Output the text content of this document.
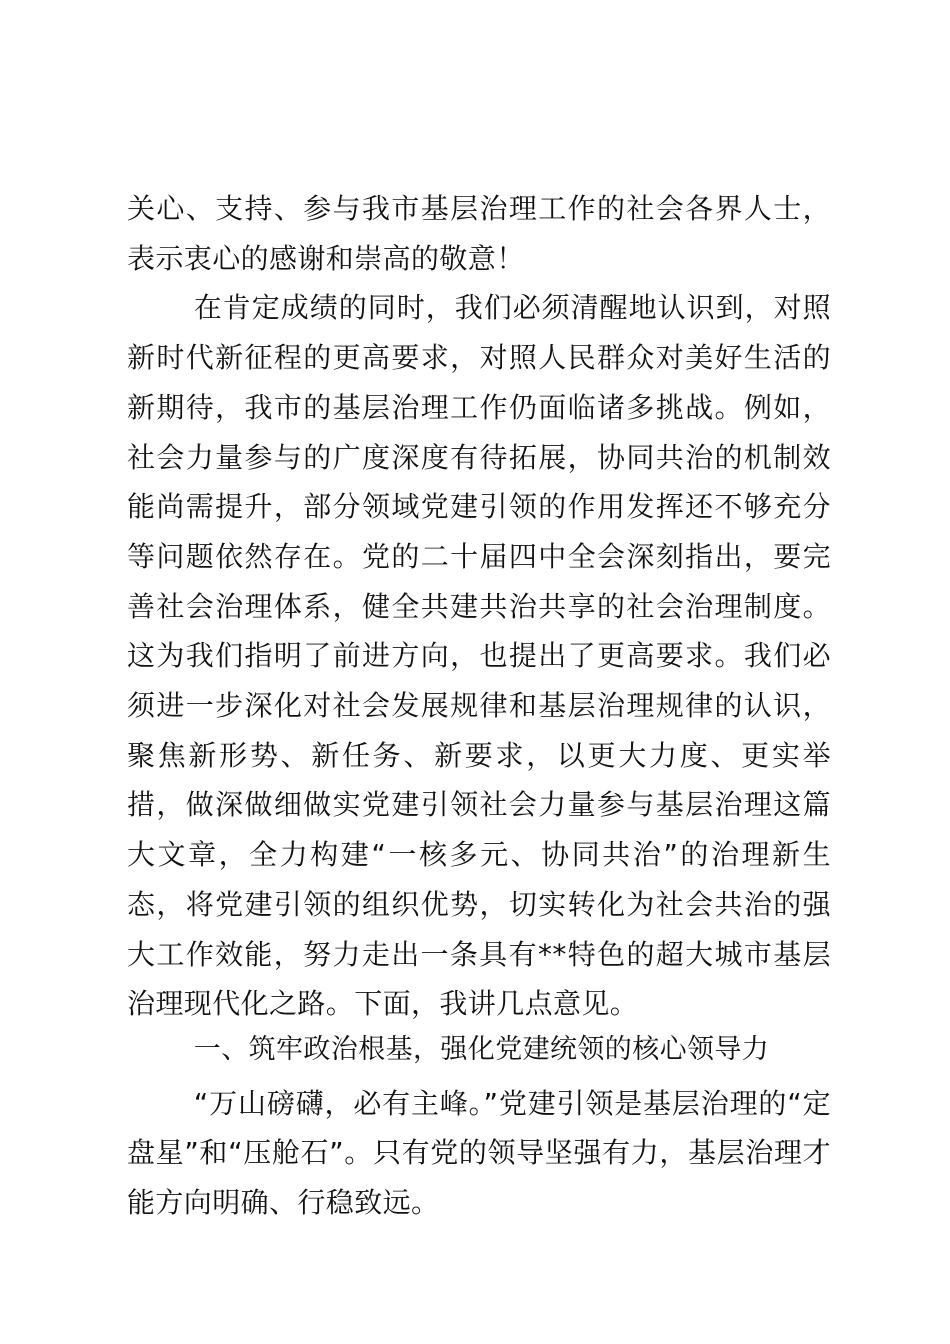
关心、支持、参与我市基层治理工作的社会各界人士，表示衷心的感谢和崇高的敬意！

在肯定成绩的同时，我们必须清醒地认识到，对照新时代新征程的更高要求，对照人民群众对美好生活的新期待，我市的基层治理工作仍面临诸多挑战。例如，社会力量参与的广度深度有待拓展，协同共治的机制效能尚需提升，部分领域党建引领的作用发挥还不够充分等问题依然存在。党的二十届四中全会深刻指出，要完善社会治理体系，健全共建共治共享的社会治理制度。这为我们指明了前进方向，也提出了更高要求。我们必须进一步深化对社会发展规律和基层治理规律的认识，聚焦新形势、新任务、新要求，以更大力度、更实举措，做深做细做实党建引领社会力量参与基层治理这篇大文章，全力构建“一核多元、协同共治”的治理新生态，将党建引领的组织优势，切实转化为社会共治的强大工作效能，努力走出一条具有**特色的超大城市基层治理现代化之路。下面，我讲几点意见。

一、筑牢政治根基，强化党建统领的核心领导力

“万山磅礴，必有主峰。”党建引领是基层治理的“定盘星”和“压舱石”。只有党的领导坚强有力，基层治理才能方向明确、行稳致远。
